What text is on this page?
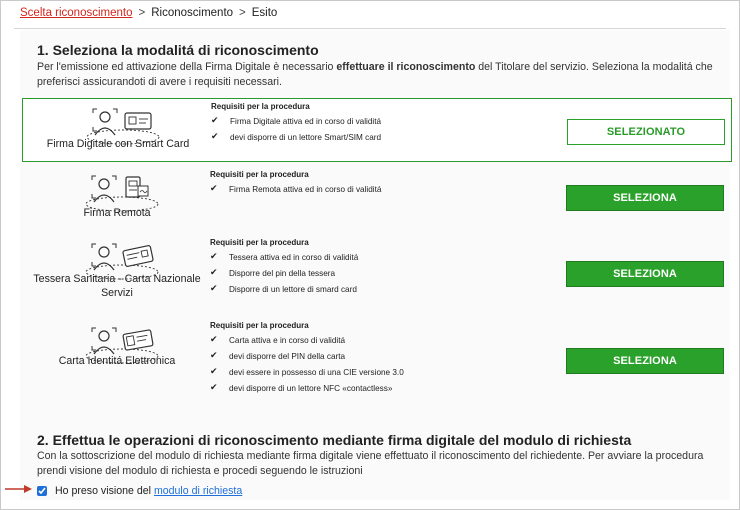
Scelta riconoscimento > Riconoscimento > Esito
1. Seleziona la modalitá di riconoscimento

Per l'emissione ed attivazione della Firma Digitale è necessario effettuare il riconoscimento del Titolare del servizio. Seleziona la modalitá che preferisci assicurandoti di avere i requisiti necessari.

Firma Digitale con Smart Card
Requisiti per la procedura
✔ Firma Digitale attiva ed in corso di validitá
✔ devi disporre di un lettore Smart/SIM card	SELEZIONATO
Firma Remota
Requisiti per la procedura
✔ Firma Remota attiva ed in corso di validitá
SELEZIONA
Tessera Sanitaria - Carta Nazionale Servizi
Requisiti per la procedura
✔ Tessera attiva ed in corso di validitá
✔ Disporre del pin della tessera
✔ Disporre di un lettore di smard card
SELEZIONA
Carta Identitá Elettronica
Requisiti per la procedura
✔ Carta attiva e in corso di validitá
✔ devi disporre del PIN della carta
✔ devi essere in possesso di una CIE versione 3.0
✔ devi disporre di un lettore NFC «contactless»
SELEZIONA
2. Effettua le operazioni di riconoscimento mediante firma digitale del modulo di richiesta

Con la sottoscrizione del modulo di richiesta mediante firma digitale viene effettuato il riconoscimento del richiedente. Per avviare la procedura prendi visione del modulo di richiesta e procedi seguendo le istruzioni

Ho preso visione del modulo di richiesta
